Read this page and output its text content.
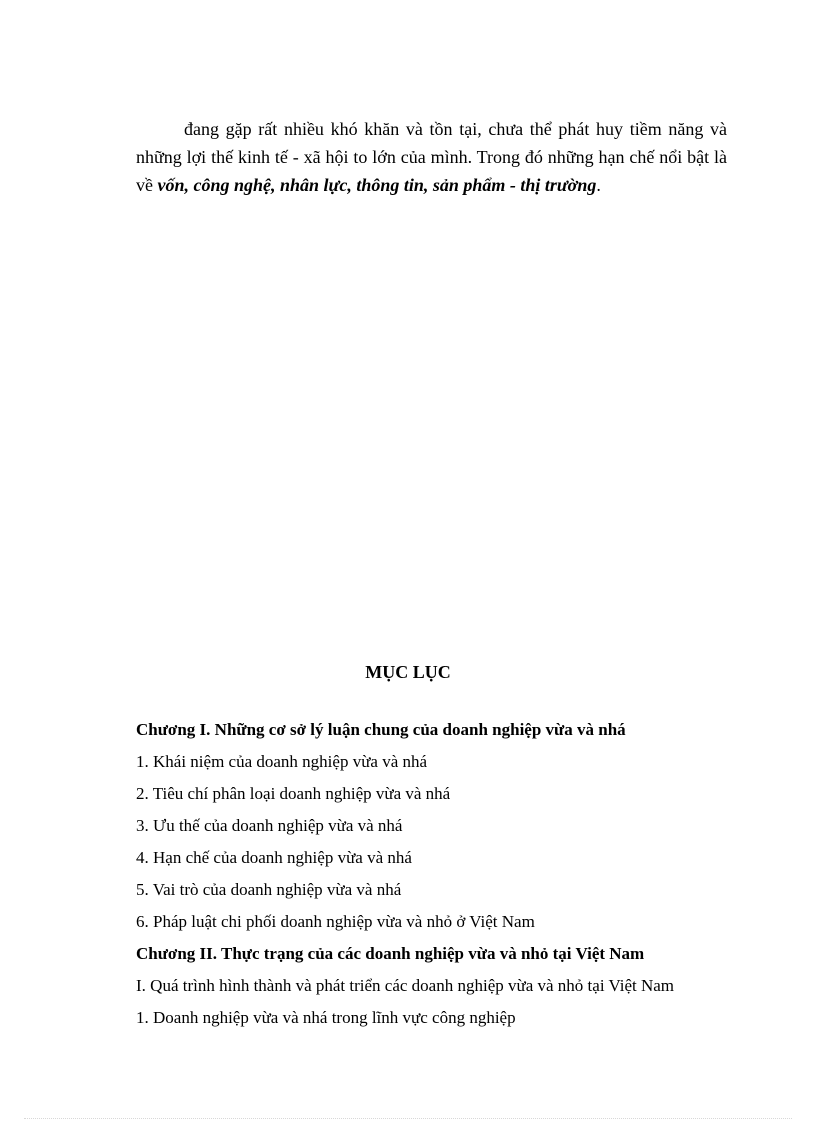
đang gặp rất nhiều khó khăn và tồn tại, chưa thể phát huy tiềm năng và những lợi thế kinh tế - xã hội to lớn của mình. Trong đó những hạn chế nổi bật là về vốn, công nghệ, nhân lực, thông tin, sản phẩm - thị trường.

MỤC LỤC
Chương I. Những cơ sở lý luận chung của doanh nghiệp vừa và nhá
1. Khái niệm của doanh nghiệp vừa và nhá
2. Tiêu chí phân loại doanh nghiệp vừa và nhá
3. Ưu thế của doanh nghiệp vừa và nhá
4. Hạn chế của doanh nghiệp vừa và nhá
5. Vai trò của doanh nghiệp vừa và nhá
6. Pháp luật chi phối doanh nghiệp vừa và nhỏ ở Việt Nam
Chương II. Thực trạng của các doanh nghiệp vừa và nhỏ tại Việt Nam
I. Quá trình hình thành và phát triển các doanh nghiệp vừa và nhỏ tại Việt Nam
1. Doanh nghiệp vừa và nhá trong lĩnh vực công nghiệp
